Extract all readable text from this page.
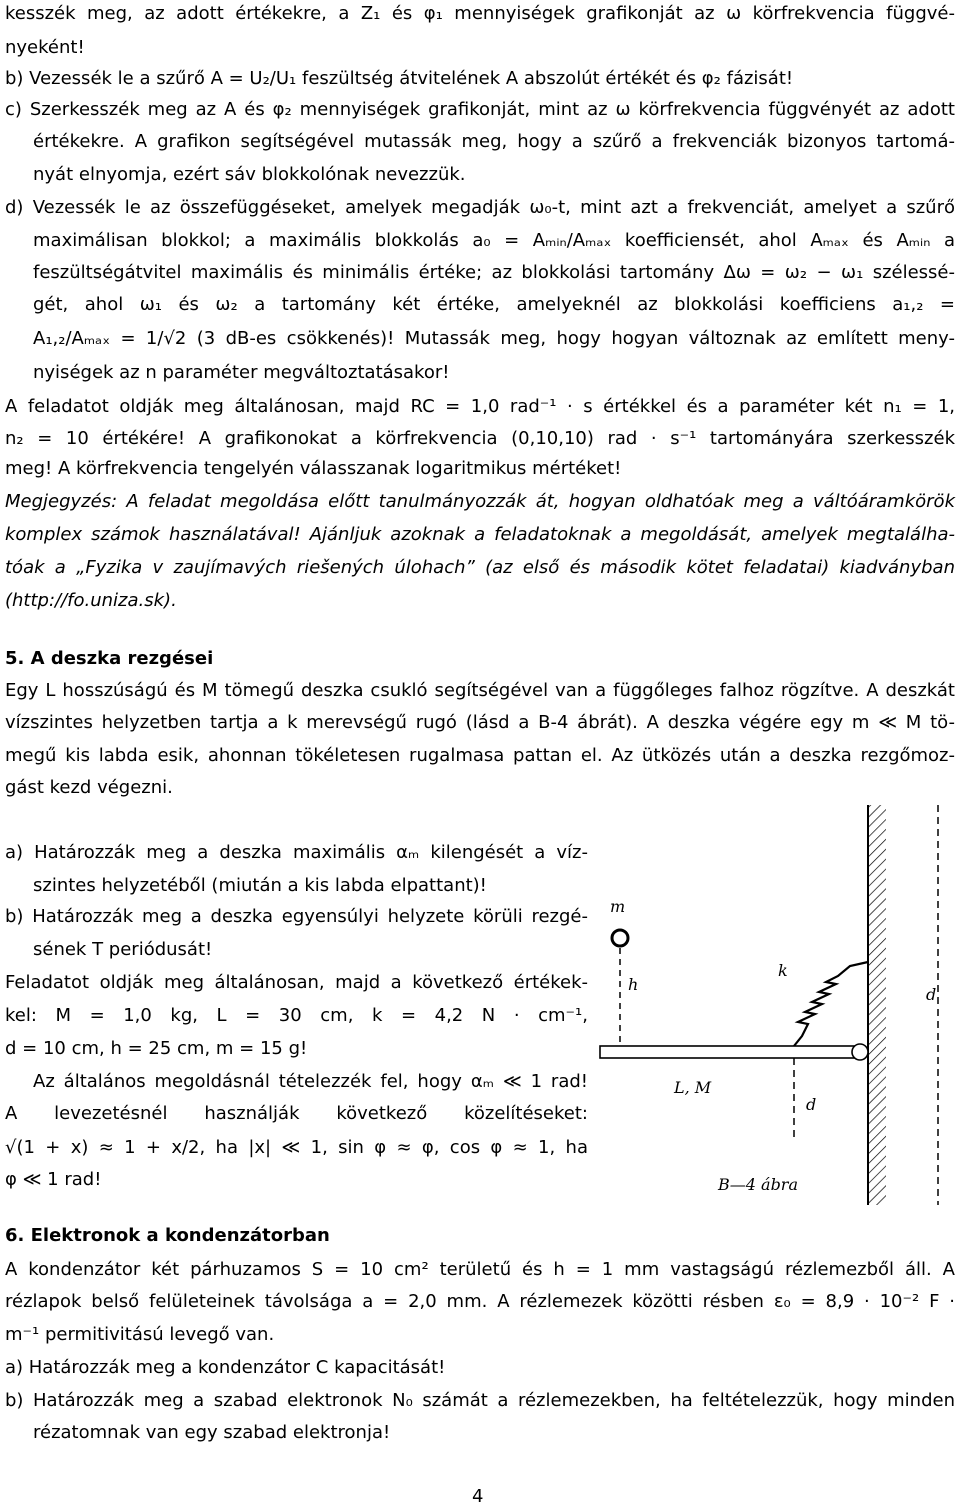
kesszék meg, az adott értékekre, a Z₁ és φ₁ mennyiségek grafikonját az ω körfrekvencia függvé-
nyeként!
b) Vezessék le a szűrő A = U₂/U₁ feszültség átvitelének A abszolút értékét és φ₂ fázisát!
c) Szerkesszék meg az A és φ₂ mennyiségek grafikonját, mint az ω körfrekvencia függvényét az adott
értékekre. A grafikon segítségével mutassák meg, hogy a szűrő a frekvenciák bizonyos tartomá-
nyát elnyomja, ezért sáv blokkolónak nevezzük.
d) Vezessék le az összefüggéseket, amelyek megadják ω₀-t, mint azt a frekvenciát, amelyet a szűrő
maximálisan blokkol; a maximális blokkolás a₀ = Aₘᵢₙ/Aₘₐₓ koefficiensét, ahol Aₘₐₓ és Aₘᵢₙ a
feszültségátvitel maximális és minimális értéke; az blokkolási tartomány Δω = ω₂ − ω₁ szélessé-
gét, ahol ω₁ és ω₂ a tartomány két értéke, amelyeknél az blokkolási koefficiens a₁,₂ =
A₁,₂/Aₘₐₓ = 1/√2 (3 dB-es csökkenés)! Mutassák meg, hogy hogyan változnak az említett meny-
nyiségek az n paraméter megváltoztatásakor!
A feladatot oldják meg általánosan, majd RC = 1,0 rad⁻¹ · s értékkel és a paraméter két n₁ = 1,
n₂ = 10 értékére! A grafikonokat a körfrekvencia (0,10,10) rad · s⁻¹ tartományára szerkesszék
meg! A körfrekvencia tengelyén válasszanak logaritmikus mértéket!
Megjegyzés: A feladat megoldása előtt tanulmányozzák át, hogyan oldhatóak meg a váltóáramkörök
komplex számok használatával! Ajánljuk azoknak a feladatoknak a megoldását, amelyek megtalálha-
tóak a „Fyzika v zaujímavých riešených úlohach” (az első és második kötet feladatai) kiadványban
(http://fo.uniza.sk).
5. A deszka rezgései
Egy L hosszúságú és M tömegű deszka csukló segítségével van a függőleges falhoz rögzítve. A deszkát
vízszintes helyzetben tartja a k merevségű rugó (lásd a B-4 ábrát). A deszka végére egy m ≪ M tö-
megű kis labda esik, ahonnan tökéletesen rugalmasa pattan el. Az ütközés után a deszka rezgőmoz-
gást kezd végezni.
a) Határozzák meg a deszka maximális αₘ kilengését a víz-
szintes helyzetéből (miután a kis labda elpattant)!
b) Határozzák meg a deszka egyensúlyi helyzete körüli rezgé-
sének T periódusát!
Feladatot oldják meg általánosan, majd a következő értékek-
kel: M = 1,0 kg, L = 30 cm, k = 4,2 N · cm⁻¹,
d = 10 cm, h = 25 cm, m = 15 g!
Az általános megoldásnál tételezzék fel, hogy αₘ ≪ 1 rad!
A levezetésnél használják következő közelítéseket:
√(1 + x) ≈ 1 + x/2, ha |x| ≪ 1, sin φ ≈ φ, cos φ ≈ 1, ha
φ ≪ 1 rad!
m
h
k
d
L, M
d
B—4 ábra
6. Elektronok a kondenzátorban
A kondenzátor két párhuzamos S = 10 cm² területű és h = 1 mm vastagságú rézlemezből áll. A
rézlapok belső felületeinek távolsága a = 2,0 mm. A rézlemezek közötti résben ε₀ = 8,9 · 10⁻² F ·
m⁻¹ permitivitású levegő van.
a) Határozzák meg a kondenzátor C kapacitását!
b) Határozzák meg a szabad elektronok N₀ számát a rézlemezekben, ha feltételezzük, hogy minden
rézatomnak van egy szabad elektronja!
4
